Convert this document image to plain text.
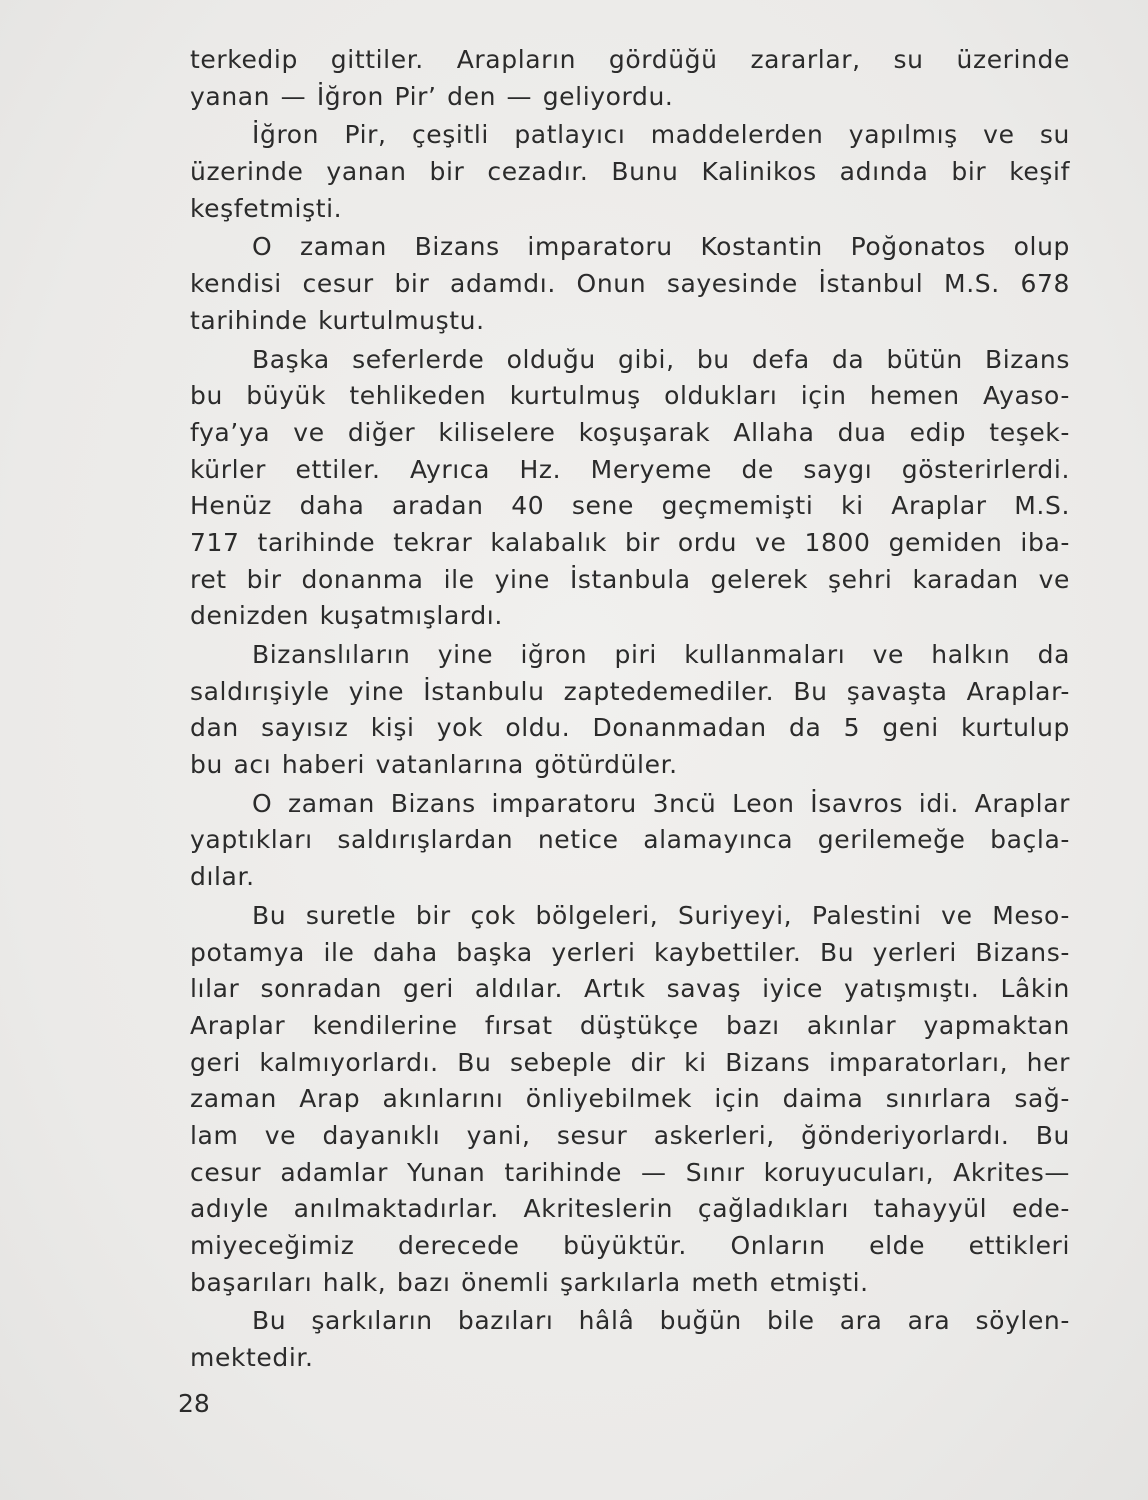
terkedip gittiler. Arapların gördüğü zararlar, su üzerinde
yanan — İğron Pir’ den — geliyordu.

İğron Pir, çeşitli patlayıcı maddelerden yapılmış ve su
üzerinde yanan bir cezadır. Bunu Kalinikos adında bir keşif
keşfetmişti.

O zaman Bizans imparatoru Kostantin Poğonatos olup
kendisi cesur bir adamdı. Onun sayesinde İstanbul M.S. 678
tarihinde kurtulmuştu.

Başka seferlerde olduğu gibi, bu defa da bütün Bizans
bu büyük tehlikeden kurtulmuş oldukları için hemen Ayaso-
fya’ya ve diğer kiliselere koşuşarak Allaha dua edip teşek-
kürler ettiler. Ayrıca Hz. Meryeme de saygı gösterirlerdi.
Henüz daha aradan 40 sene geçmemişti ki Araplar M.S.
717 tarihinde tekrar kalabalık bir ordu ve 1800 gemiden iba-
ret bir donanma ile yine İstanbula gelerek şehri karadan ve
denizden kuşatmışlardı.

Bizanslıların yine iğron piri kullanmaları ve halkın da
saldırışiyle yine İstanbulu zaptedemediler. Bu şavaşta Araplar-
dan sayısız kişi yok oldu. Donanmadan da 5 geni kurtulup
bu acı haberi vatanlarına götürdüler.

O zaman Bizans imparatoru 3ncü Leon İsavros idi. Araplar
yaptıkları saldırışlardan netice alamayınca gerilemeğe baçla-
dılar.

Bu suretle bir çok bölgeleri, Suriyeyi, Palestini ve Meso-
potamya ile daha başka yerleri kaybettiler. Bu yerleri Bizans-
lılar sonradan geri aldılar. Artık savaş iyice yatışmıştı. Lâkin
Araplar kendilerine fırsat düştükçe bazı akınlar yapmaktan
geri kalmıyorlardı. Bu sebeple dir ki Bizans imparatorları, her
zaman Arap akınlarını önliyebilmek için daima sınırlara sağ-
lam ve dayanıklı yani, sesur askerleri, ğönderiyorlardı. Bu
cesur adamlar Yunan tarihinde — Sınır koruyucuları, Akrites—
adıyle anılmaktadırlar. Akriteslerin çağladıkları tahayyül ede-
miyeceğimiz derecede büyüktür. Onların elde ettikleri
başarıları halk, bazı önemli şarkılarla meth etmişti.

Bu şarkıların bazıları hâlâ buğün bile ara ara söylen-
mektedir.

28
